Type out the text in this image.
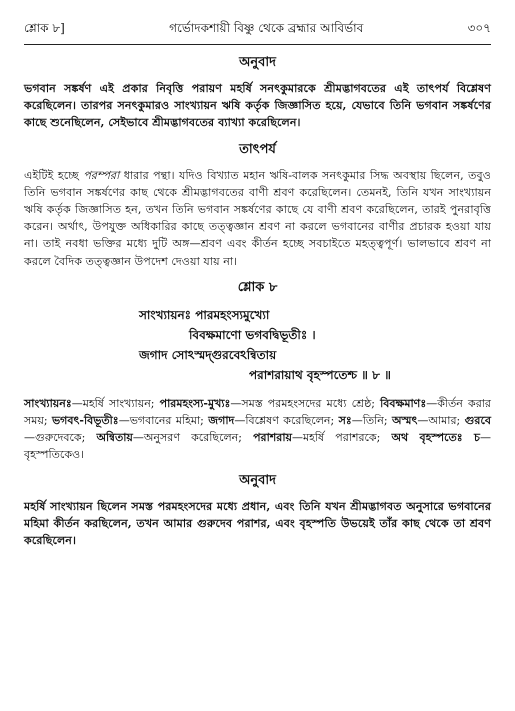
শ্লোক ৮]	গর্ভোদকশায়ী বিষ্ণু থেকে ব্রহ্মার আবির্ভাব	৩০৭
অনুবাদ

ভগবান সঙ্কর্ষণ এই প্রকার নিবৃত্তি পরায়ণ মহর্ষি সনৎকুমারকে শ্রীমদ্ভাগবতের এই তাৎপর্য বিশ্লেষণ করেছিলেন। তারপর সনৎকুমারও সাংখ্যায়ন ঋষি কর্তৃক জিজ্ঞাসিত হয়ে, যেভাবে তিনি ভগবান সঙ্কর্ষণের কাছে শুনেছিলেন, সেইভাবে শ্রীমদ্ভাগবতের ব্যাখ্যা করেছিলেন।

তাৎপর্য

এইটিই হচ্ছে পরম্পরা ধারার পন্থা। যদিও বিখ্যাত মহান ঋষি-বালক সনৎকুমার সিদ্ধ অবস্থায় ছিলেন, তবুও তিনি ভগবান সঙ্কর্ষণের কাছ থেকে শ্রীমদ্ভাগবতের বাণী শ্রবণ করেছিলেন। তেমনই, তিনি যখন সাংখ্যায়ন ঋষি কর্তৃক জিজ্ঞাসিত হন, তখন তিনি ভগবান সঙ্কর্ষণের কাছে যে বাণী শ্রবণ করেছিলেন, তারই পুনরাবৃত্তি করেন। অর্থাৎ, উপযুক্ত অধিকারির কাছে তত্ত্বজ্ঞান শ্রবণ না করলে ভগবানের বাণীর প্রচারক হওয়া যায় না। তাই নবধা ভক্তির মধ্যে দুটি অঙ্গ—শ্রবণ এবং কীর্তন হচ্ছে সবচাইতে মহত্ত্বপূর্ণ। ভালভাবে শ্রবণ না করলে বৈদিক তত্ত্বজ্ঞান উপদেশ দেওয়া যায় না।

শ্লোক ৮
সাংখ্যায়নঃ পারমহংস্যমুখ্যো
বিবক্ষমাণো ভগবদ্বিভূতীঃ ।
জগাদ সোঽস্মদ্গুরবেঽন্বিতায়
পরাশরায়াথ বৃহস্পতেশ্চ ॥ ৮ ॥

সাংখ্যায়নঃ—মহর্ষি সাংখ্যায়ন; পারমহংস্য-মুখ্যঃ—সমস্ত পরমহংসদের মধ্যে শ্রেষ্ঠ; বিবক্ষমাণঃ—কীর্তন করার সময়; ভগবৎ-বিভূতীঃ—ভগবানের মহিমা; জগাদ—বিশ্লেষণ করেছিলেন; সঃ—তিনি; অস্মৎ—আমার; গুরবে—গুরুদেবকে; অন্বিতায়—অনুসরণ করেছিলেন; পরাশরায়—মহর্ষি পরাশরকে; অথ বৃহস্পতেঃ চ—বৃহস্পতিকেও।

অনুবাদ

মহর্ষি সাংখ্যায়ন ছিলেন সমস্ত পরমহংসদের মধ্যে প্রধান, এবং তিনি যখন শ্রীমদ্ভাগবত অনুসারে ভগবানের মহিমা কীর্তন করছিলেন, তখন আমার গুরুদেব পরাশর, এবং বৃহস্পতি উভয়েই তাঁর কাছ থেকে তা শ্রবণ করেছিলেন।
